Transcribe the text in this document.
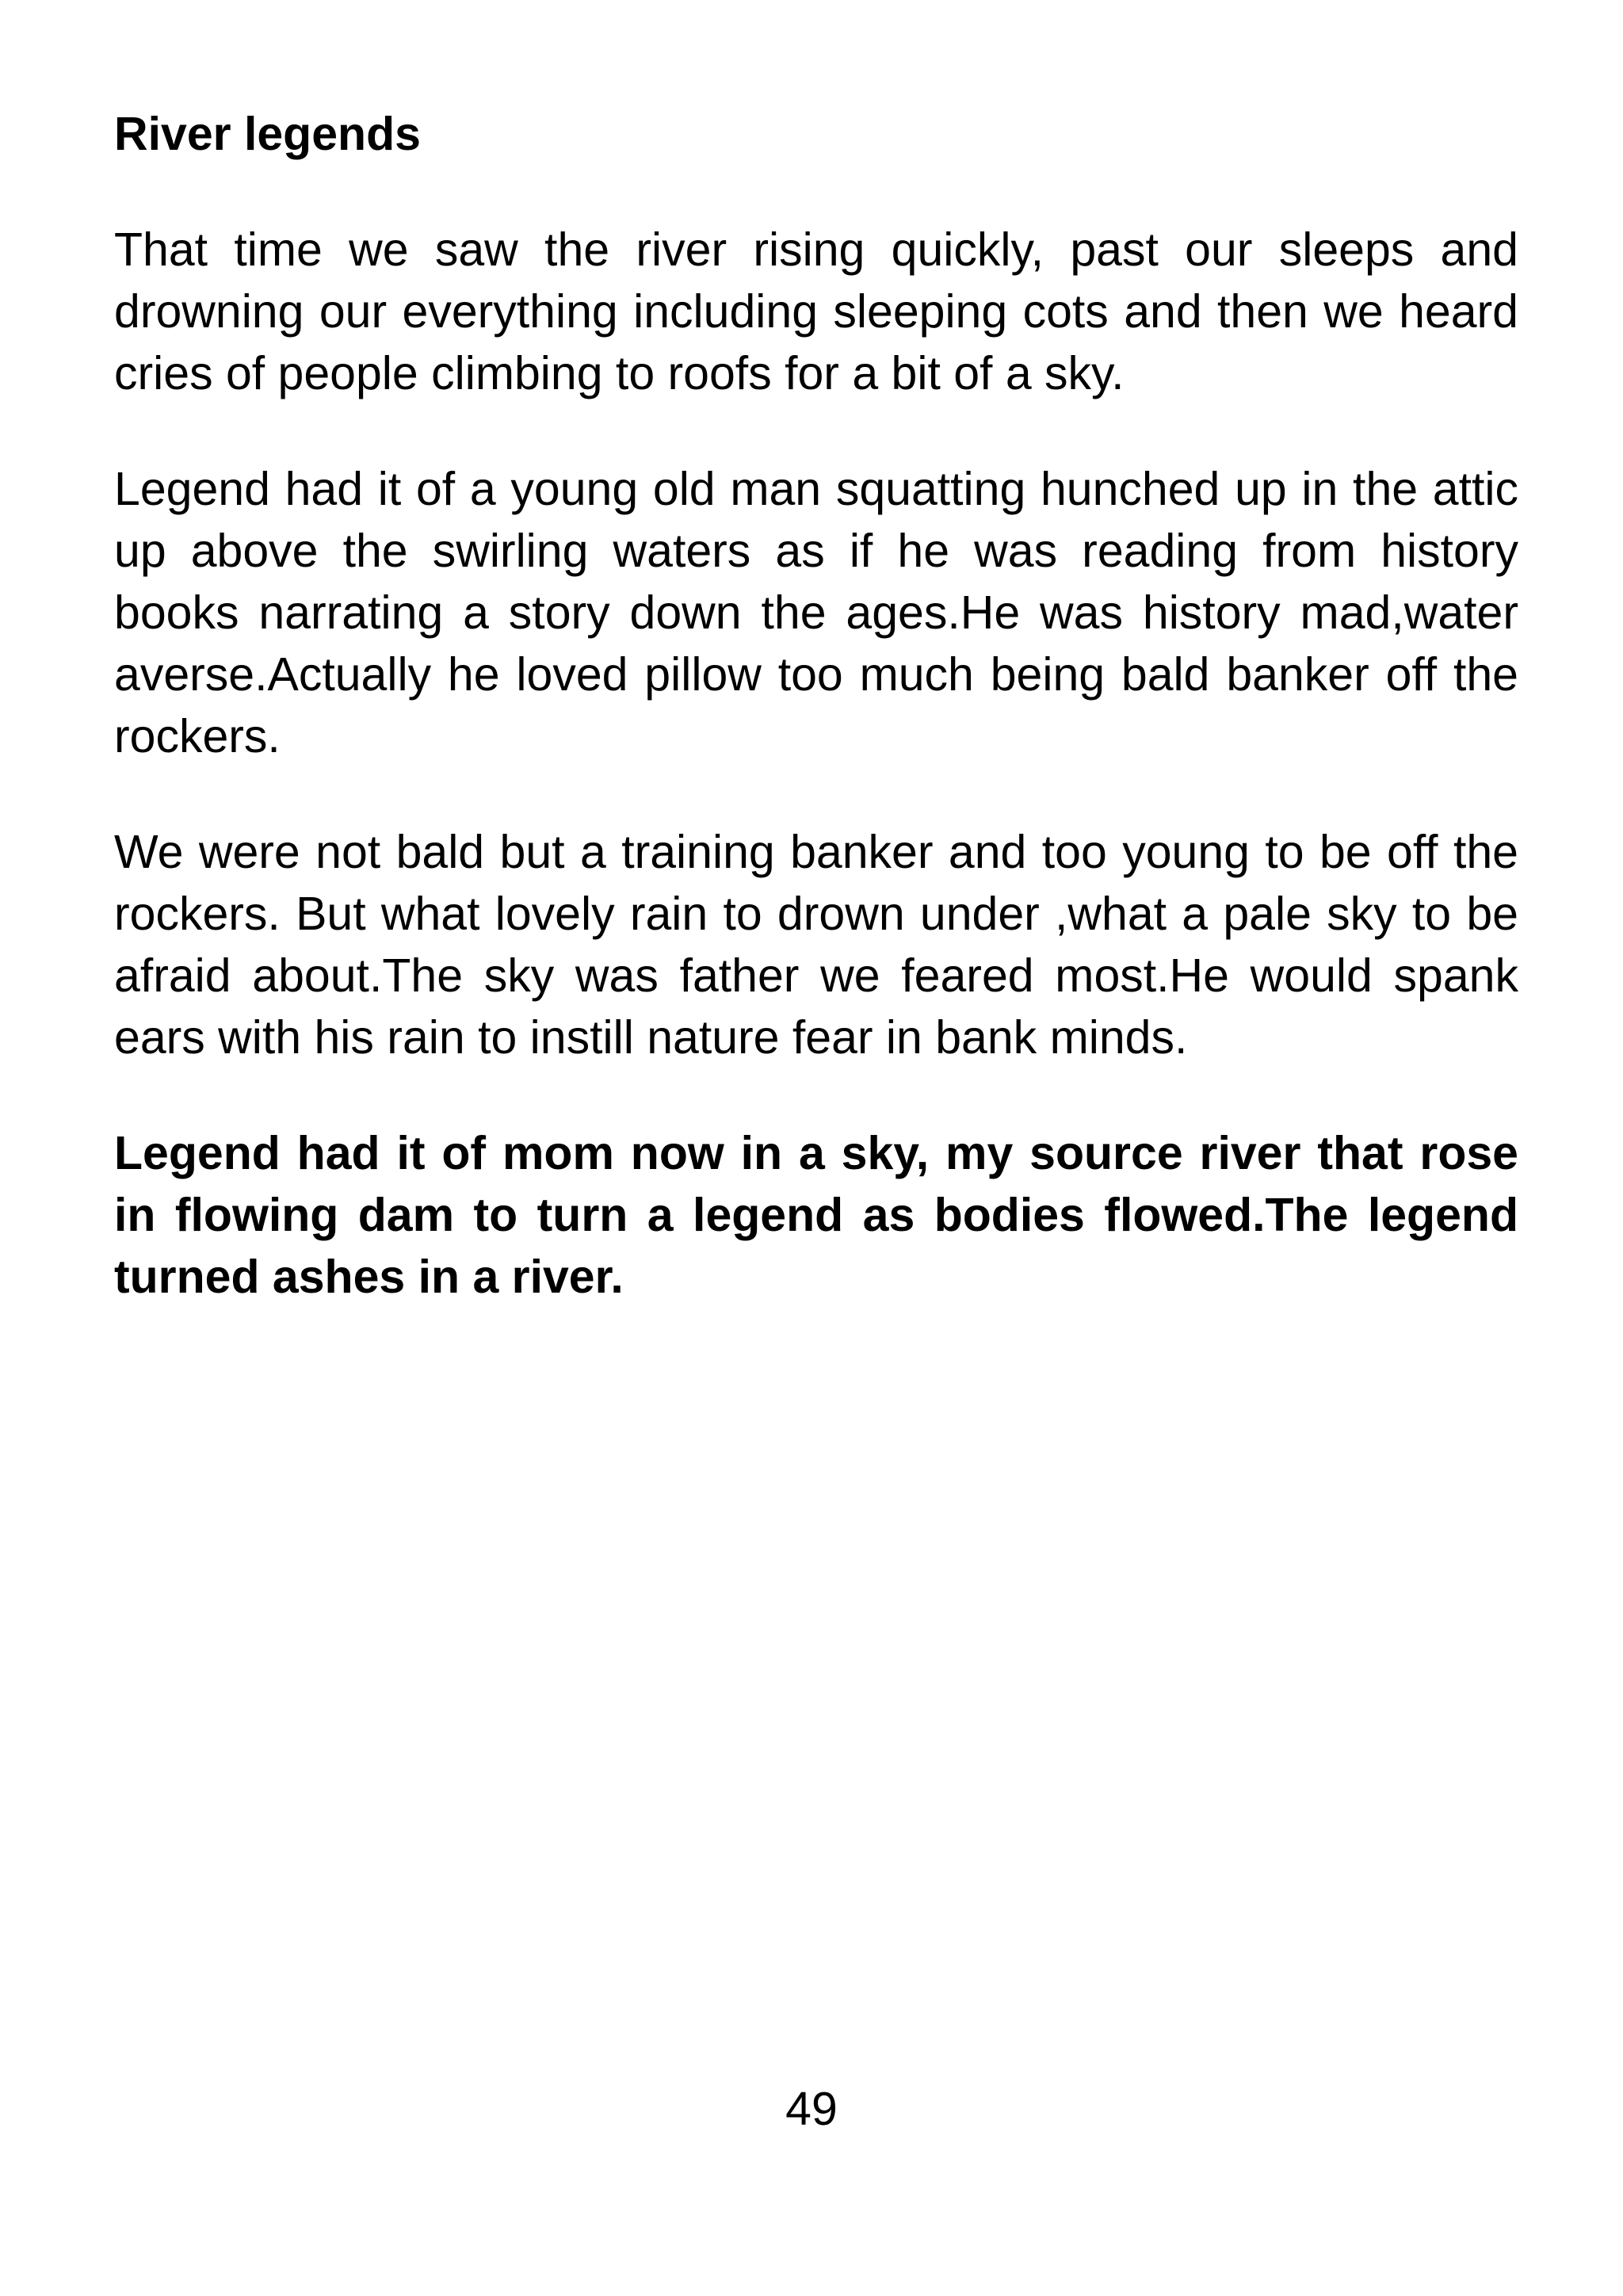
River legends

That time we saw the river rising quickly, past our sleeps and drowning our everything including sleeping cots and then we heard cries of people climbing to roofs for a bit of a sky.

Legend had it of a young old man squatting hunched up in the attic up above the swirling waters as if he was reading from history books narrating a story down the ages.He was history mad,water averse.Actually he loved pillow too much being bald banker off the rockers.

We were not bald but a training banker and too young to be off the rockers. But what lovely rain to drown under ,what a pale sky to be afraid about.The sky was father we feared most.He would spank ears with his rain to instill nature fear in bank minds.

Legend had it of mom now in a sky, my source river that rose in flowing dam to turn a legend as bodies flowed.The legend turned ashes in a river.

49
